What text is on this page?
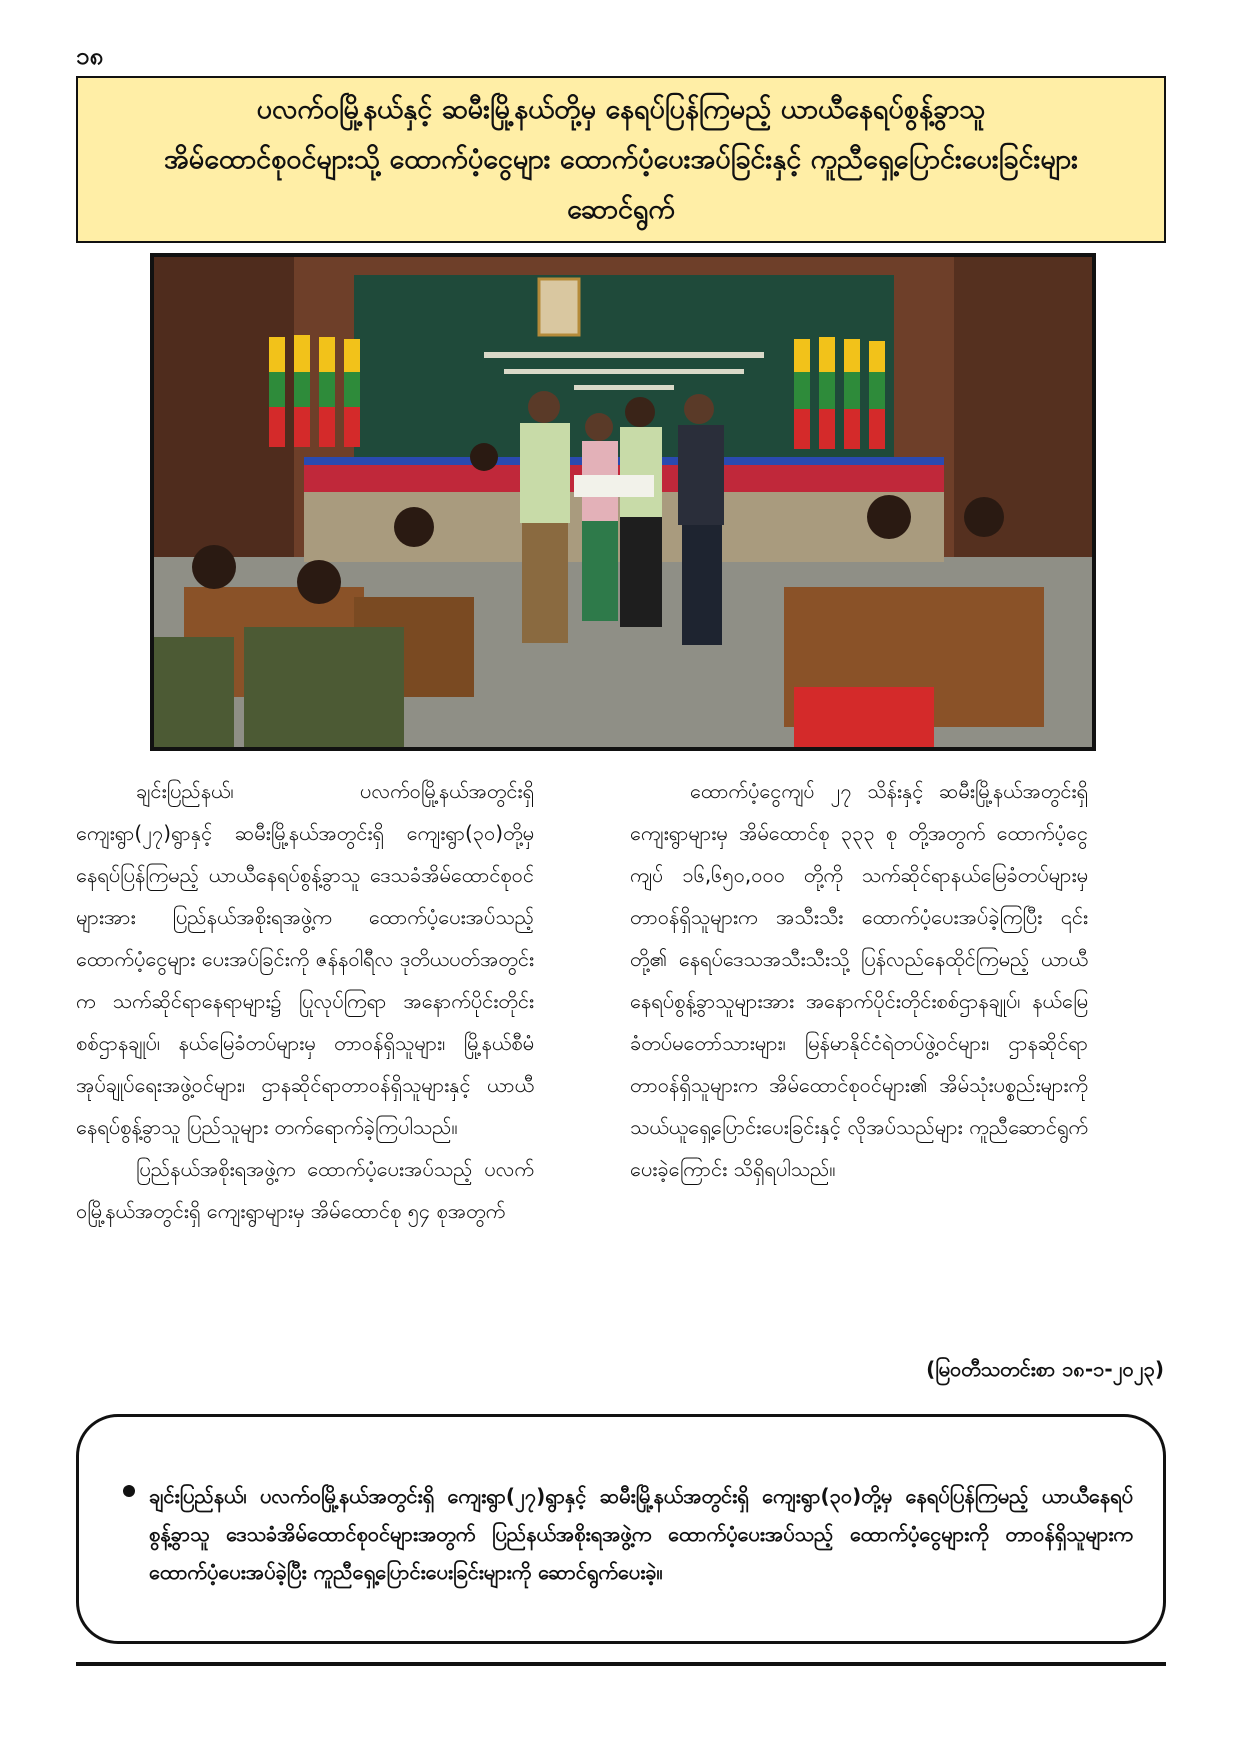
၁၈
ပလက်ဝမြို့နယ်နှင့် ဆမီးမြို့နယ်တို့မှ နေရပ်ပြန်ကြမည့် ယာယီနေရပ်စွန့်ခွာသူ
အိမ်ထောင်စုဝင်များသို့ ထောက်ပံ့ငွေများ ထောက်ပံ့ပေးအပ်ခြင်းနှင့် ကူညီရှေ့ပြောင်းပေးခြင်းများ
ဆောင်ရွက်

ချင်းပြည်နယ်၊ ပလက်ဝမြို့နယ်အတွင်းရှိ ကျေးရွာ(၂၇)ရွာနှင့် ဆမီးမြို့နယ်အတွင်းရှိ ကျေးရွာ(၃၀)တို့မှ နေရပ်ပြန်ကြမည့် ယာယီနေရပ်စွန့်ခွာသူ ဒေသခံအိမ်ထောင်စုဝင်များအား ပြည်နယ်အစိုးရအဖွဲ့က ထောက်ပံ့ပေးအပ်သည့် ထောက်ပံ့ငွေများ ပေးအပ်ခြင်းကို ဇန်နဝါရီလ ဒုတိယပတ်အတွင်းက သက်ဆိုင်ရာနေရာများ၌ ပြုလုပ်ကြရာ အနောက်ပိုင်းတိုင်းစစ်ဌာနချုပ်၊ နယ်မြေခံတပ်များမှ တာဝန်ရှိသူများ၊ မြို့နယ်စီမံအုပ်ချုပ်ရေးအဖွဲ့ဝင်များ၊ ဌာနဆိုင်ရာတာဝန်ရှိသူများနှင့် ယာယီနေရပ်စွန့်ခွာသူ ပြည်သူများ တက်ရောက်ခဲ့ကြပါသည်။

ပြည်နယ်အစိုးရအဖွဲ့က ထောက်ပံ့ပေးအပ်သည့် ပလက်ဝမြို့နယ်အတွင်းရှိ ကျေးရွာများမှ အိမ်ထောင်စု ၅၄ စုအတွက်

ထောက်ပံ့ငွေကျပ် ၂၇ သိန်းနှင့် ဆမီးမြို့နယ်အတွင်းရှိ ကျေးရွာများမှ အိမ်ထောင်စု ၃၃၃ စု တို့အတွက် ထောက်ပံ့ငွေကျပ် ၁၆,၆၅၀,၀၀၀ တို့ကို သက်ဆိုင်ရာနယ်မြေခံတပ်များမှ တာဝန်ရှိသူများက အသီးသီး ထောက်ပံ့ပေးအပ်ခဲ့ကြပြီး ၎င်းတို့၏ နေရပ်ဒေသအသီးသီးသို့ ပြန်လည်နေထိုင်ကြမည့် ယာယီနေရပ်စွန့်ခွာသူများအား အနောက်ပိုင်းတိုင်းစစ်ဌာနချုပ်၊ နယ်မြေခံတပ်မတော်သားများ၊ မြန်မာနိုင်ငံရဲတပ်ဖွဲ့ဝင်များ၊ ဌာနဆိုင်ရာ တာဝန်ရှိသူများက အိမ်ထောင်စုဝင်များ၏ အိမ်သုံးပစ္စည်းများကို သယ်ယူရှေ့ပြောင်းပေးခြင်းနှင့် လိုအပ်သည်များ ကူညီဆောင်ရွက်ပေးခဲ့ကြောင်း သိရှိရပါသည်။

(မြဝတီသတင်းစာ ၁၈-၁-၂၀၂၃)

ချင်းပြည်နယ်၊ ပလက်ဝမြို့နယ်အတွင်းရှိ ကျေးရွာ(၂၇)ရွာနှင့် ဆမီးမြို့နယ်အတွင်းရှိ ကျေးရွာ(၃၀)တို့မှ နေရပ်ပြန်ကြမည့် ယာယီနေရပ်စွန့်ခွာသူ ဒေသခံအိမ်ထောင်စုဝင်များအတွက် ပြည်နယ်အစိုးရအဖွဲ့က ထောက်ပံ့ပေးအပ်သည့် ထောက်ပံ့ငွေများကို တာဝန်ရှိသူများက ထောက်ပံ့ပေးအပ်ခဲ့ပြီး ကူညီရှေ့ပြောင်းပေးခြင်းများကို ဆောင်ရွက်ပေးခဲ့။
